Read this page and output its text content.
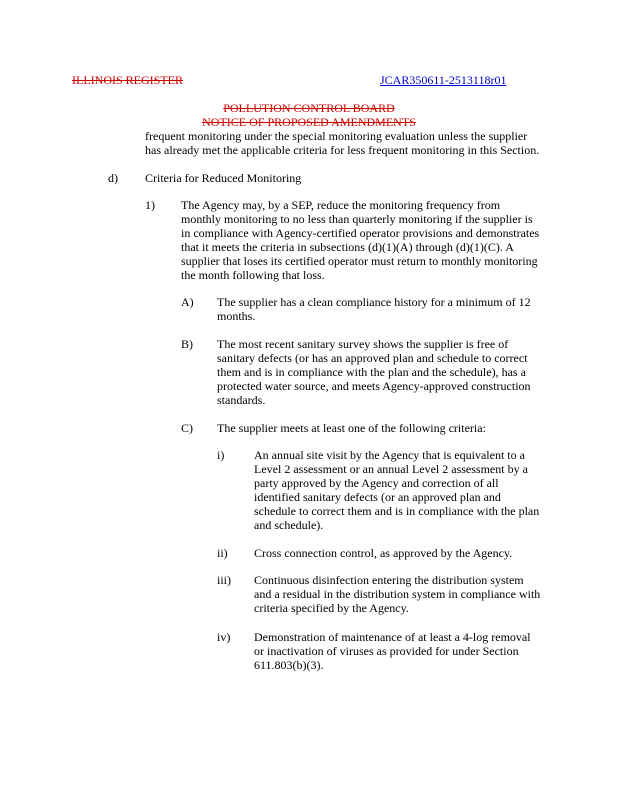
ILLINOIS REGISTER	JCAR350611-2513118r01
POLLUTION CONTROL BOARD
NOTICE OF PROPOSED AMENDMENTS
frequent monitoring under the special monitoring evaluation unless the supplier
has already met the applicable criteria for less frequent monitoring in this Section.
d) Criteria for Reduced Monitoring
1) The Agency may, by a SEP, reduce the monitoring frequency from
monthly monitoring to no less than quarterly monitoring if the supplier is
in compliance with Agency-certified operator provisions and demonstrates
that it meets the criteria in subsections (d)(1)(A) through (d)(1)(C). A
supplier that loses its certified operator must return to monthly monitoring
the month following that loss.
A) The supplier has a clean compliance history for a minimum of 12
months.
B) The most recent sanitary survey shows the supplier is free of
sanitary defects (or has an approved plan and schedule to correct
them and is in compliance with the plan and the schedule), has a
protected water source, and meets Agency-approved construction
standards.
C) The supplier meets at least one of the following criteria:
i) An annual site visit by the Agency that is equivalent to a
Level 2 assessment or an annual Level 2 assessment by a
party approved by the Agency and correction of all
identified sanitary defects (or an approved plan and
schedule to correct them and is in compliance with the plan
and schedule).
ii) Cross connection control, as approved by the Agency.
iii) Continuous disinfection entering the distribution system
and a residual in the distribution system in compliance with
criteria specified by the Agency.
iv) Demonstration of maintenance of at least a 4-log removal
or inactivation of viruses as provided for under Section
611.803(b)(3).
